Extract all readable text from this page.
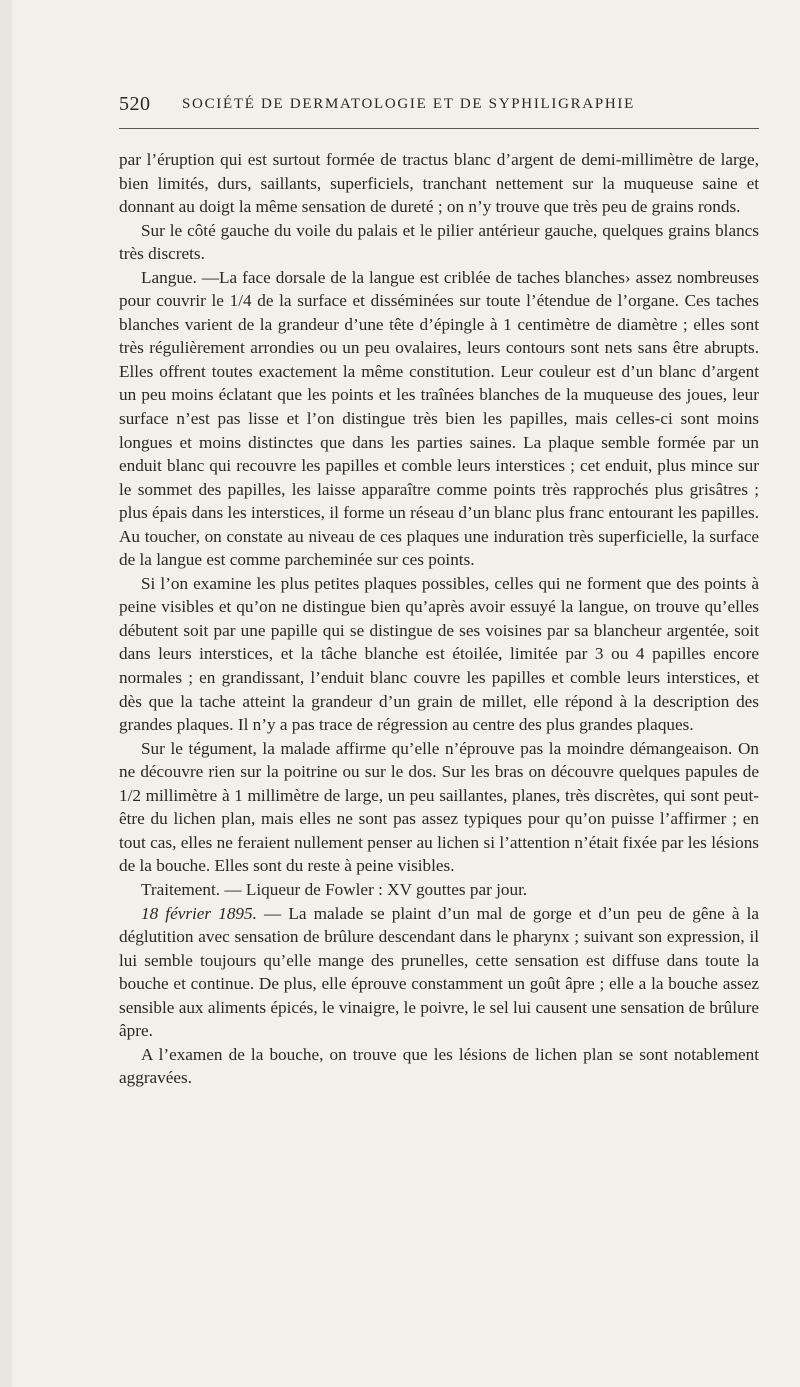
520 SOCIÉTÉ DE DERMATOLOGIE ET DE SYPHILIGRAPHIE

par l’éruption qui est surtout formée de tractus blanc d’argent de demi-millimètre de large, bien limités, durs, saillants, superficiels, tranchant nettement sur la muqueuse saine et donnant au doigt la même sensation de dureté ; on n’y trouve que très peu de grains ronds.

Sur le côté gauche du voile du palais et le pilier antérieur gauche, quelques grains blancs très discrets.

Langue. —La face dorsale de la langue est criblée de taches blanches› assez nombreuses pour couvrir le 1/4 de la surface et disséminées sur toute l’étendue de l’organe. Ces taches blanches varient de la grandeur d’une tête d’épingle à 1 centimètre de diamètre ; elles sont très régulièrement arrondies ou un peu ovalaires, leurs contours sont nets sans être abrupts. Elles offrent toutes exactement la même constitution. Leur couleur est d’un blanc d’argent un peu moins éclatant que les points et les traînées blanches de la muqueuse des joues, leur surface n’est pas lisse et l’on distingue très bien les papilles, mais celles-ci sont moins longues et moins distinctes que dans les parties saines. La plaque semble formée par un enduit blanc qui recouvre les papilles et comble leurs interstices ; cet enduit, plus mince sur le sommet des papilles, les laisse apparaître comme points très rapprochés plus grisâtres ; plus épais dans les interstices, il forme un réseau d’un blanc plus franc entourant les papilles. Au toucher, on constate au niveau de ces plaques une induration très superficielle, la surface de la langue est comme parcheminée sur ces points.

Si l’on examine les plus petites plaques possibles, celles qui ne forment que des points à peine visibles et qu’on ne distingue bien qu’après avoir essuyé la langue, on trouve qu’elles débutent soit par une papille qui se distingue de ses voisines par sa blancheur argentée, soit dans leurs interstices, et la tâche blanche est étoilée, limitée par 3 ou 4 papilles encore normales ; en grandissant, l’enduit blanc couvre les papilles et comble leurs interstices, et dès que la tache atteint la grandeur d’un grain de millet, elle répond à la description des grandes plaques. Il n’y a pas trace de régression au centre des plus grandes plaques.

Sur le tégument, la malade affirme qu’elle n’éprouve pas la moindre démangeaison. On ne découvre rien sur la poitrine ou sur le dos. Sur les bras on découvre quelques papules de 1/2 millimètre à 1 millimètre de large, un peu saillantes, planes, très discrètes, qui sont peut-être du lichen plan, mais elles ne sont pas assez typiques pour qu’on puisse l’affirmer ; en tout cas, elles ne feraient nullement penser au lichen si l’attention n’était fixée par les lésions de la bouche. Elles sont du reste à peine visibles.

Traitement. — Liqueur de Fowler : XV gouttes par jour.

18 février 1895. — La malade se plaint d’un mal de gorge et d’un peu de gêne à la déglutition avec sensation de brûlure descendant dans le pharynx ; suivant son expression, il lui semble toujours qu’elle mange des prunelles, cette sensation est diffuse dans toute la bouche et continue. De plus, elle éprouve constamment un goût âpre ; elle a la bouche assez sensible aux aliments épicés, le vinaigre, le poivre, le sel lui causent une sensation de brûlure âpre.

A l’examen de la bouche, on trouve que les lésions de lichen plan se sont notablement aggravées.
